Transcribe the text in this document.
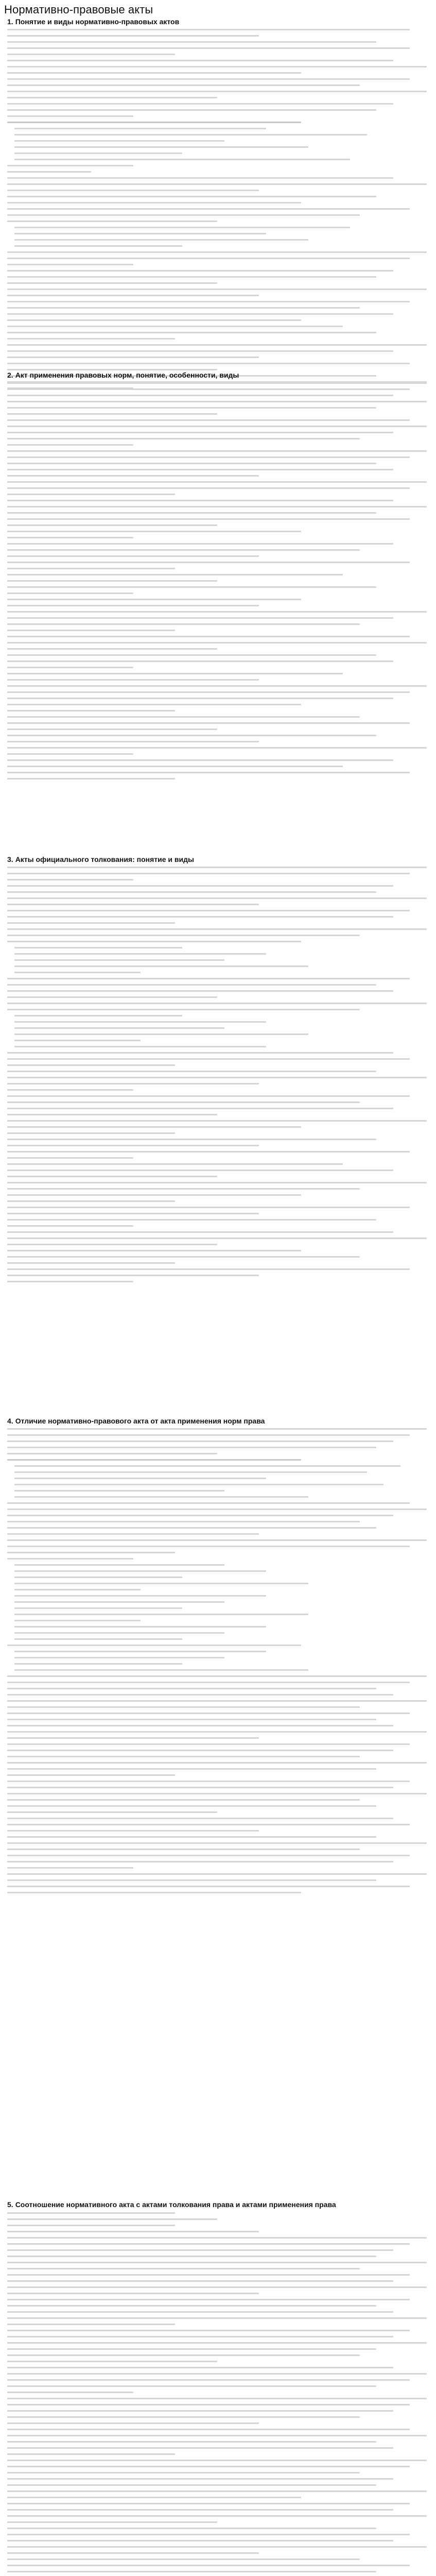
Нормативно-правовые акты
1. Понятие и виды нормативно-правовых актов
2. Акт применения правовых норм, понятие, особенности, виды
3. Акты официального толкования: понятие и виды
4. Отличие нормативно-правового акта от акта применения норм права
5. Соотношение нормативного акта с актами толкования права и актами применения права
